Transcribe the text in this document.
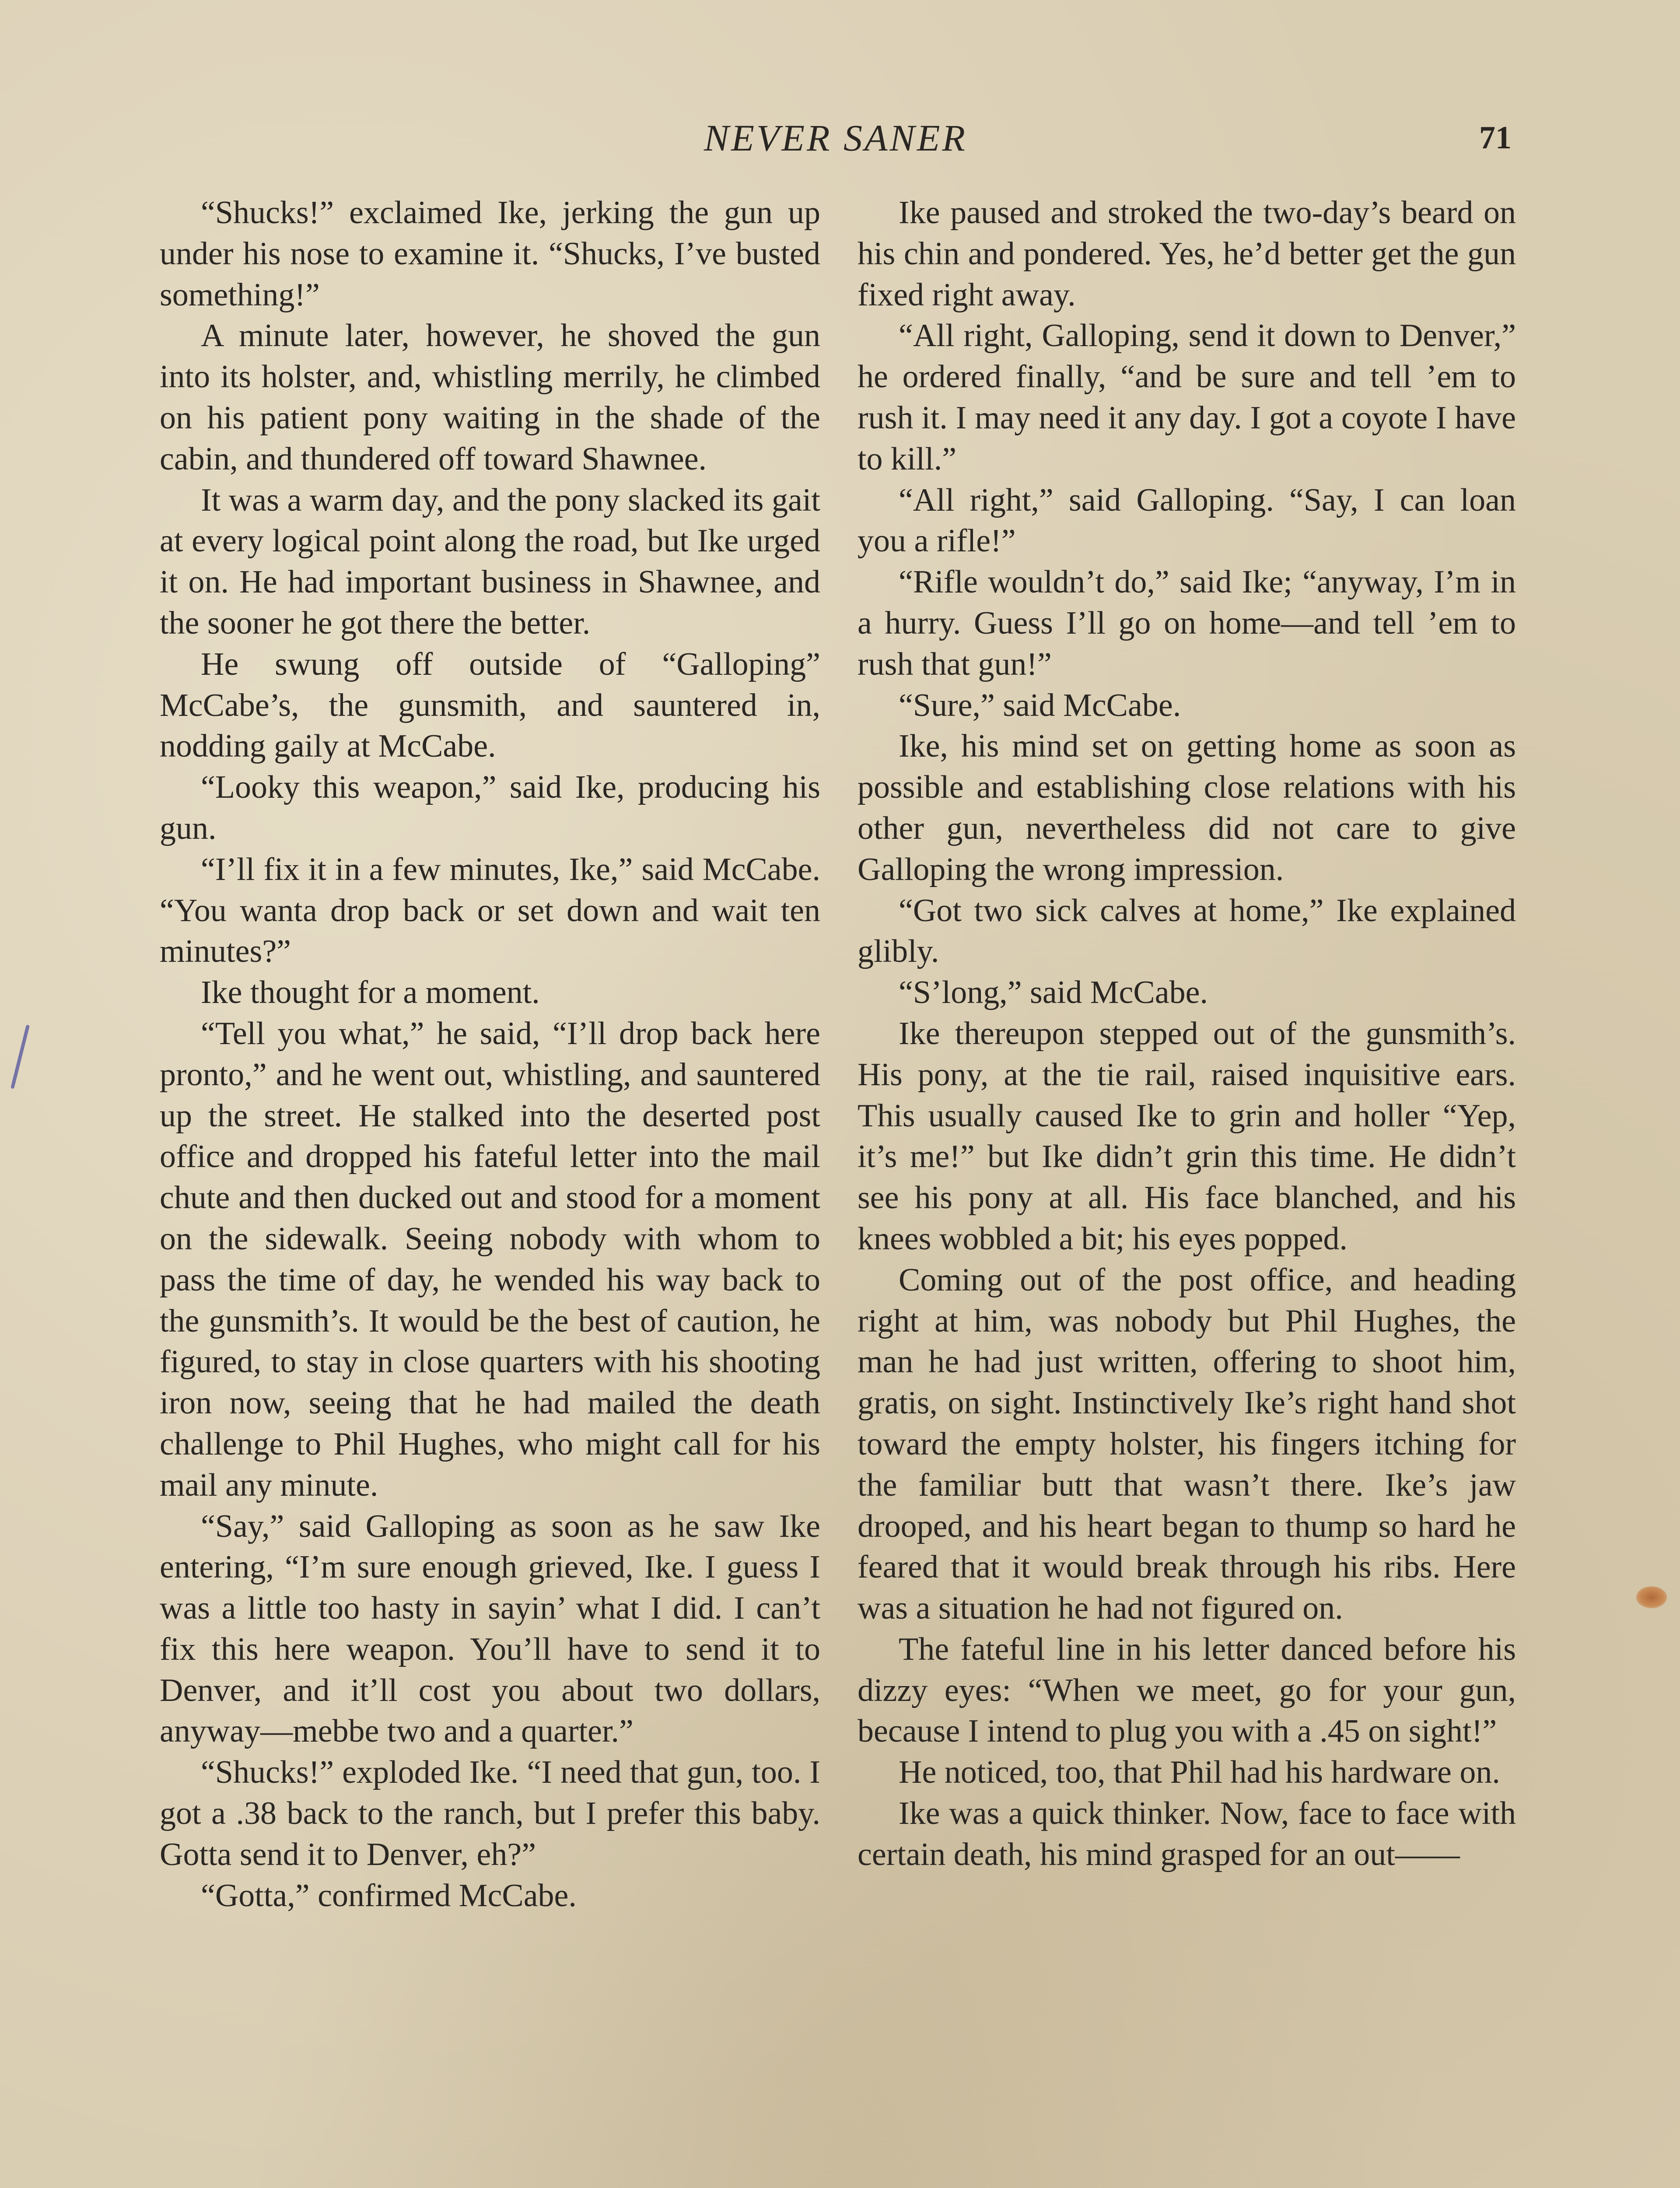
NEVER SANER	71

“Shucks!” exclaimed Ike, jerking the gun up under his nose to examine it. “Shucks, I’ve busted something!”

A minute later, however, he shoved the gun into its holster, and, whistling merrily, he climbed on his patient pony waiting in the shade of the cabin, and thundered off toward Shawnee.

It was a warm day, and the pony slacked its gait at every logical point along the road, but Ike urged it on. He had important business in Shawnee, and the sooner he got there the better.

He swung off outside of “Galloping” McCabe’s, the gunsmith, and sauntered in, nodding gaily at McCabe.

“Looky this weapon,” said Ike, producing his gun.

“I’ll fix it in a few minutes, Ike,” said McCabe. “You wanta drop back or set down and wait ten minutes?”

Ike thought for a moment.

“Tell you what,” he said, “I’ll drop back here pronto,” and he went out, whistling, and sauntered up the street. He stalked into the deserted post office and dropped his fateful letter into the mail chute and then ducked out and stood for a moment on the sidewalk. Seeing nobody with whom to pass the time of day, he wended his way back to the gunsmith’s. It would be the best of caution, he figured, to stay in close quarters with his shooting iron now, seeing that he had mailed the death challenge to Phil Hughes, who might call for his mail any minute.

“Say,” said Galloping as soon as he saw Ike entering, “I’m sure enough grieved, Ike. I guess I was a little too hasty in sayin’ what I did. I can’t fix this here weapon. You’ll have to send it to Denver, and it’ll cost you about two dollars, anyway—mebbe two and a quarter.”

“Shucks!” exploded Ike. “I need that gun, too. I got a .38 back to the ranch, but I prefer this baby. Gotta send it to Denver, eh?”

“Gotta,” confirmed McCabe.

Ike paused and stroked the two-day’s beard on his chin and pondered. Yes, he’d better get the gun fixed right away.

“All right, Galloping, send it down to Denver,” he ordered finally, “and be sure and tell ’em to rush it. I may need it any day. I got a coyote I have to kill.”

“All right,” said Galloping. “Say, I can loan you a rifle!”

“Rifle wouldn’t do,” said Ike; “anyway, I’m in a hurry. Guess I’ll go on home—and tell ’em to rush that gun!”

“Sure,” said McCabe.

Ike, his mind set on getting home as soon as possible and establishing close relations with his other gun, nevertheless did not care to give Galloping the wrong impression.

“Got two sick calves at home,” Ike explained glibly.

“S’long,” said McCabe.

Ike thereupon stepped out of the gunsmith’s. His pony, at the tie rail, raised inquisitive ears. This usually caused Ike to grin and holler “Yep, it’s me!” but Ike didn’t grin this time. He didn’t see his pony at all. His face blanched, and his knees wobbled a bit; his eyes popped.

Coming out of the post office, and heading right at him, was nobody but Phil Hughes, the man he had just written, offering to shoot him, gratis, on sight. Instinctively Ike’s right hand shot toward the empty holster, his fingers itching for the familiar butt that wasn’t there. Ike’s jaw drooped, and his heart began to thump so hard he feared that it would break through his ribs. Here was a situation he had not figured on.

The fateful line in his letter danced before his dizzy eyes: “When we meet, go for your gun, because I intend to plug you with a .45 on sight!”

He noticed, too, that Phil had his hardware on.

Ike was a quick thinker. Now, face to face with certain death, his mind grasped for an out——
